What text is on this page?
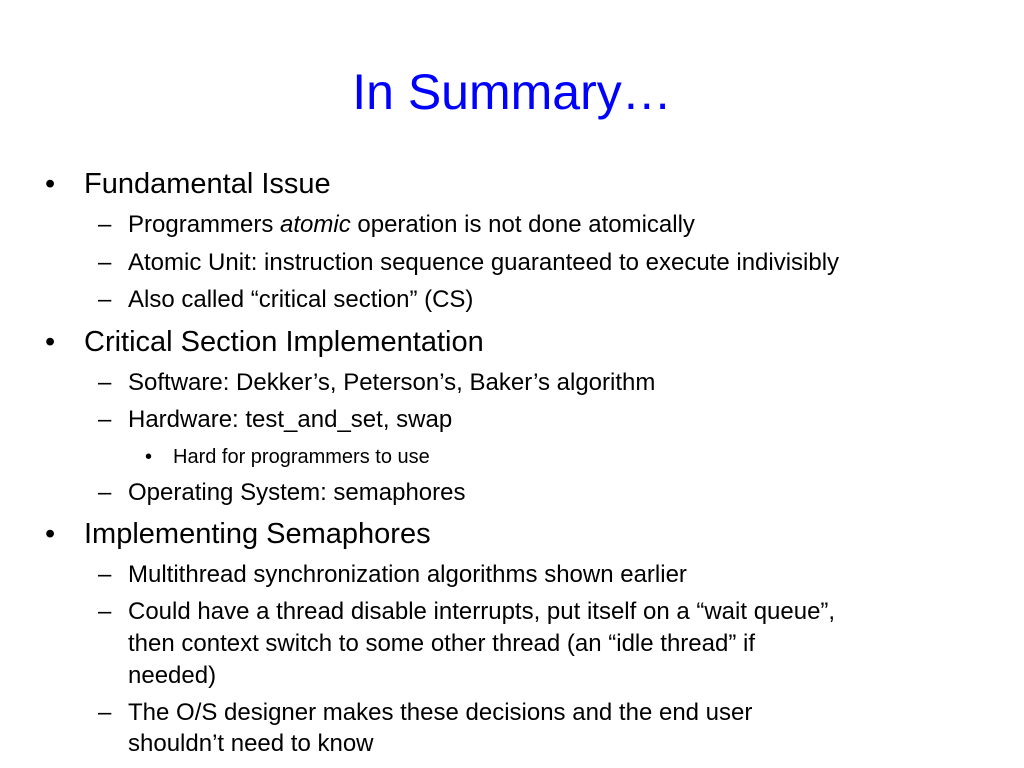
In Summary…
• Fundamental Issue
– Programmers atomic operation is not done atomically
– Atomic Unit: instruction sequence guaranteed to execute indivisibly
– Also called “critical section” (CS)
• Critical Section Implementation
– Software: Dekker’s, Peterson’s, Baker’s algorithm
– Hardware: test_and_set, swap
• Hard for programmers to use
– Operating System: semaphores
• Implementing Semaphores
– Multithread synchronization algorithms shown earlier
– Could have a thread disable interrupts, put itself on a “wait queue”,
then context switch to some other thread (an “idle thread” if
needed)
– The O/S designer makes these decisions and the end user
shouldn’t need to know
